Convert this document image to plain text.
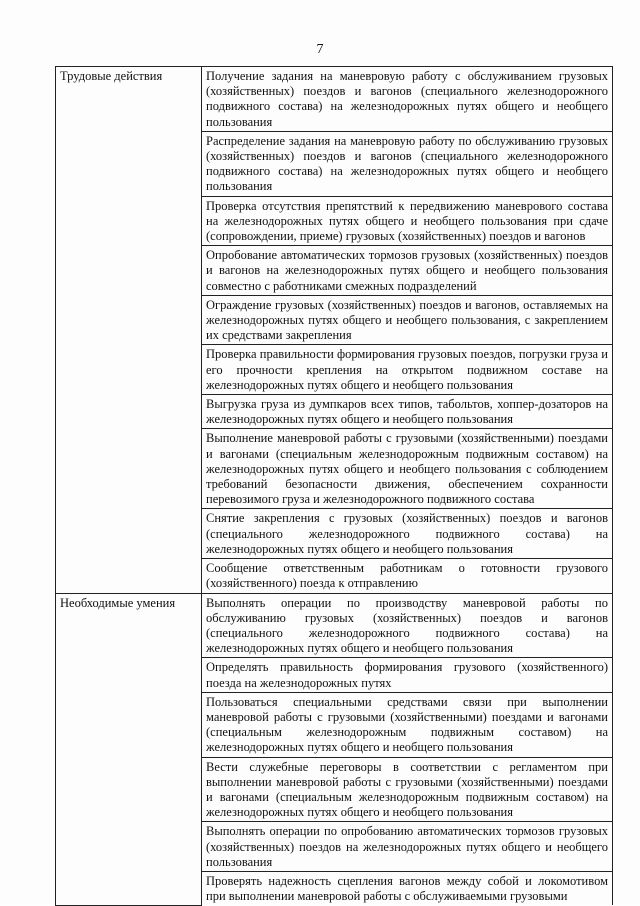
7
Трудовые действия	Получение задания на маневровую работу с обслуживанием грузовых (хозяйственных) поездов и вагонов (специального железнодорожного подвижного состава) на железнодорожных путях общего и необщего пользования
	Распределение задания на маневровую работу по обслуживанию грузовых (хозяйственных) поездов и вагонов (специального железнодорожного подвижного состава) на железнодорожных путях общего и необщего пользования
	Проверка отсутствия препятствий к передвижению маневрового состава на железнодорожных путях общего и необщего пользования при сдаче (сопровождении, приеме) грузовых (хозяйственных) поездов и вагонов
	Опробование автоматических тормозов грузовых (хозяйственных) поездов и вагонов на железнодорожных путях общего и необщего пользования совместно с работниками смежных подразделений
	Ограждение грузовых (хозяйственных) поездов и вагонов, оставляемых на железнодорожных путях общего и необщего пользования, с закреплением их средствами закрепления
	Проверка правильности формирования грузовых поездов, погрузки груза и его прочности крепления на открытом подвижном составе на железнодорожных путях общего и необщего пользования
	Выгрузка груза из думпкаров всех типов, табольтов, хоппер-дозаторов на железнодорожных путях общего и необщего пользования
	Выполнение маневровой работы с грузовыми (хозяйственными) поездами и вагонами (специальным железнодорожным подвижным составом) на железнодорожных путях общего и необщего пользования с соблюдением требований безопасности движения, обеспечением сохранности перевозимого груза и железнодорожного подвижного состава
	Снятие закрепления с грузовых (хозяйственных) поездов и вагонов (специального железнодорожного подвижного состава) на железнодорожных путях общего и необщего пользования
	Сообщение ответственным работникам о готовности грузового (хозяйственного) поезда к отправлению
Необходимые умения	Выполнять операции по производству маневровой работы по обслуживанию грузовых (хозяйственных) поездов и вагонов (специального железнодорожного подвижного состава) на железнодорожных путях общего и необщего пользования
	Определять правильность формирования грузового (хозяйственного) поезда на железнодорожных путях
	Пользоваться специальными средствами связи при выполнении маневровой работы с грузовыми (хозяйственными) поездами и вагонами (специальным железнодорожным подвижным составом) на железнодорожных путях общего и необщего пользования
	Вести служебные переговоры в соответствии с регламентом при выполнении маневровой работы с грузовыми (хозяйственными) поездами и вагонами (специальным железнодорожным подвижным составом) на железнодорожных путях общего и необщего пользования
	Выполнять операции по опробованию автоматических тормозов грузовых (хозяйственных) поездов на железнодорожных путях общего и необщего пользования
	Проверять надежность сцепления вагонов между собой и локомотивом при выполнении маневровой работы с обслуживаемыми грузовыми
